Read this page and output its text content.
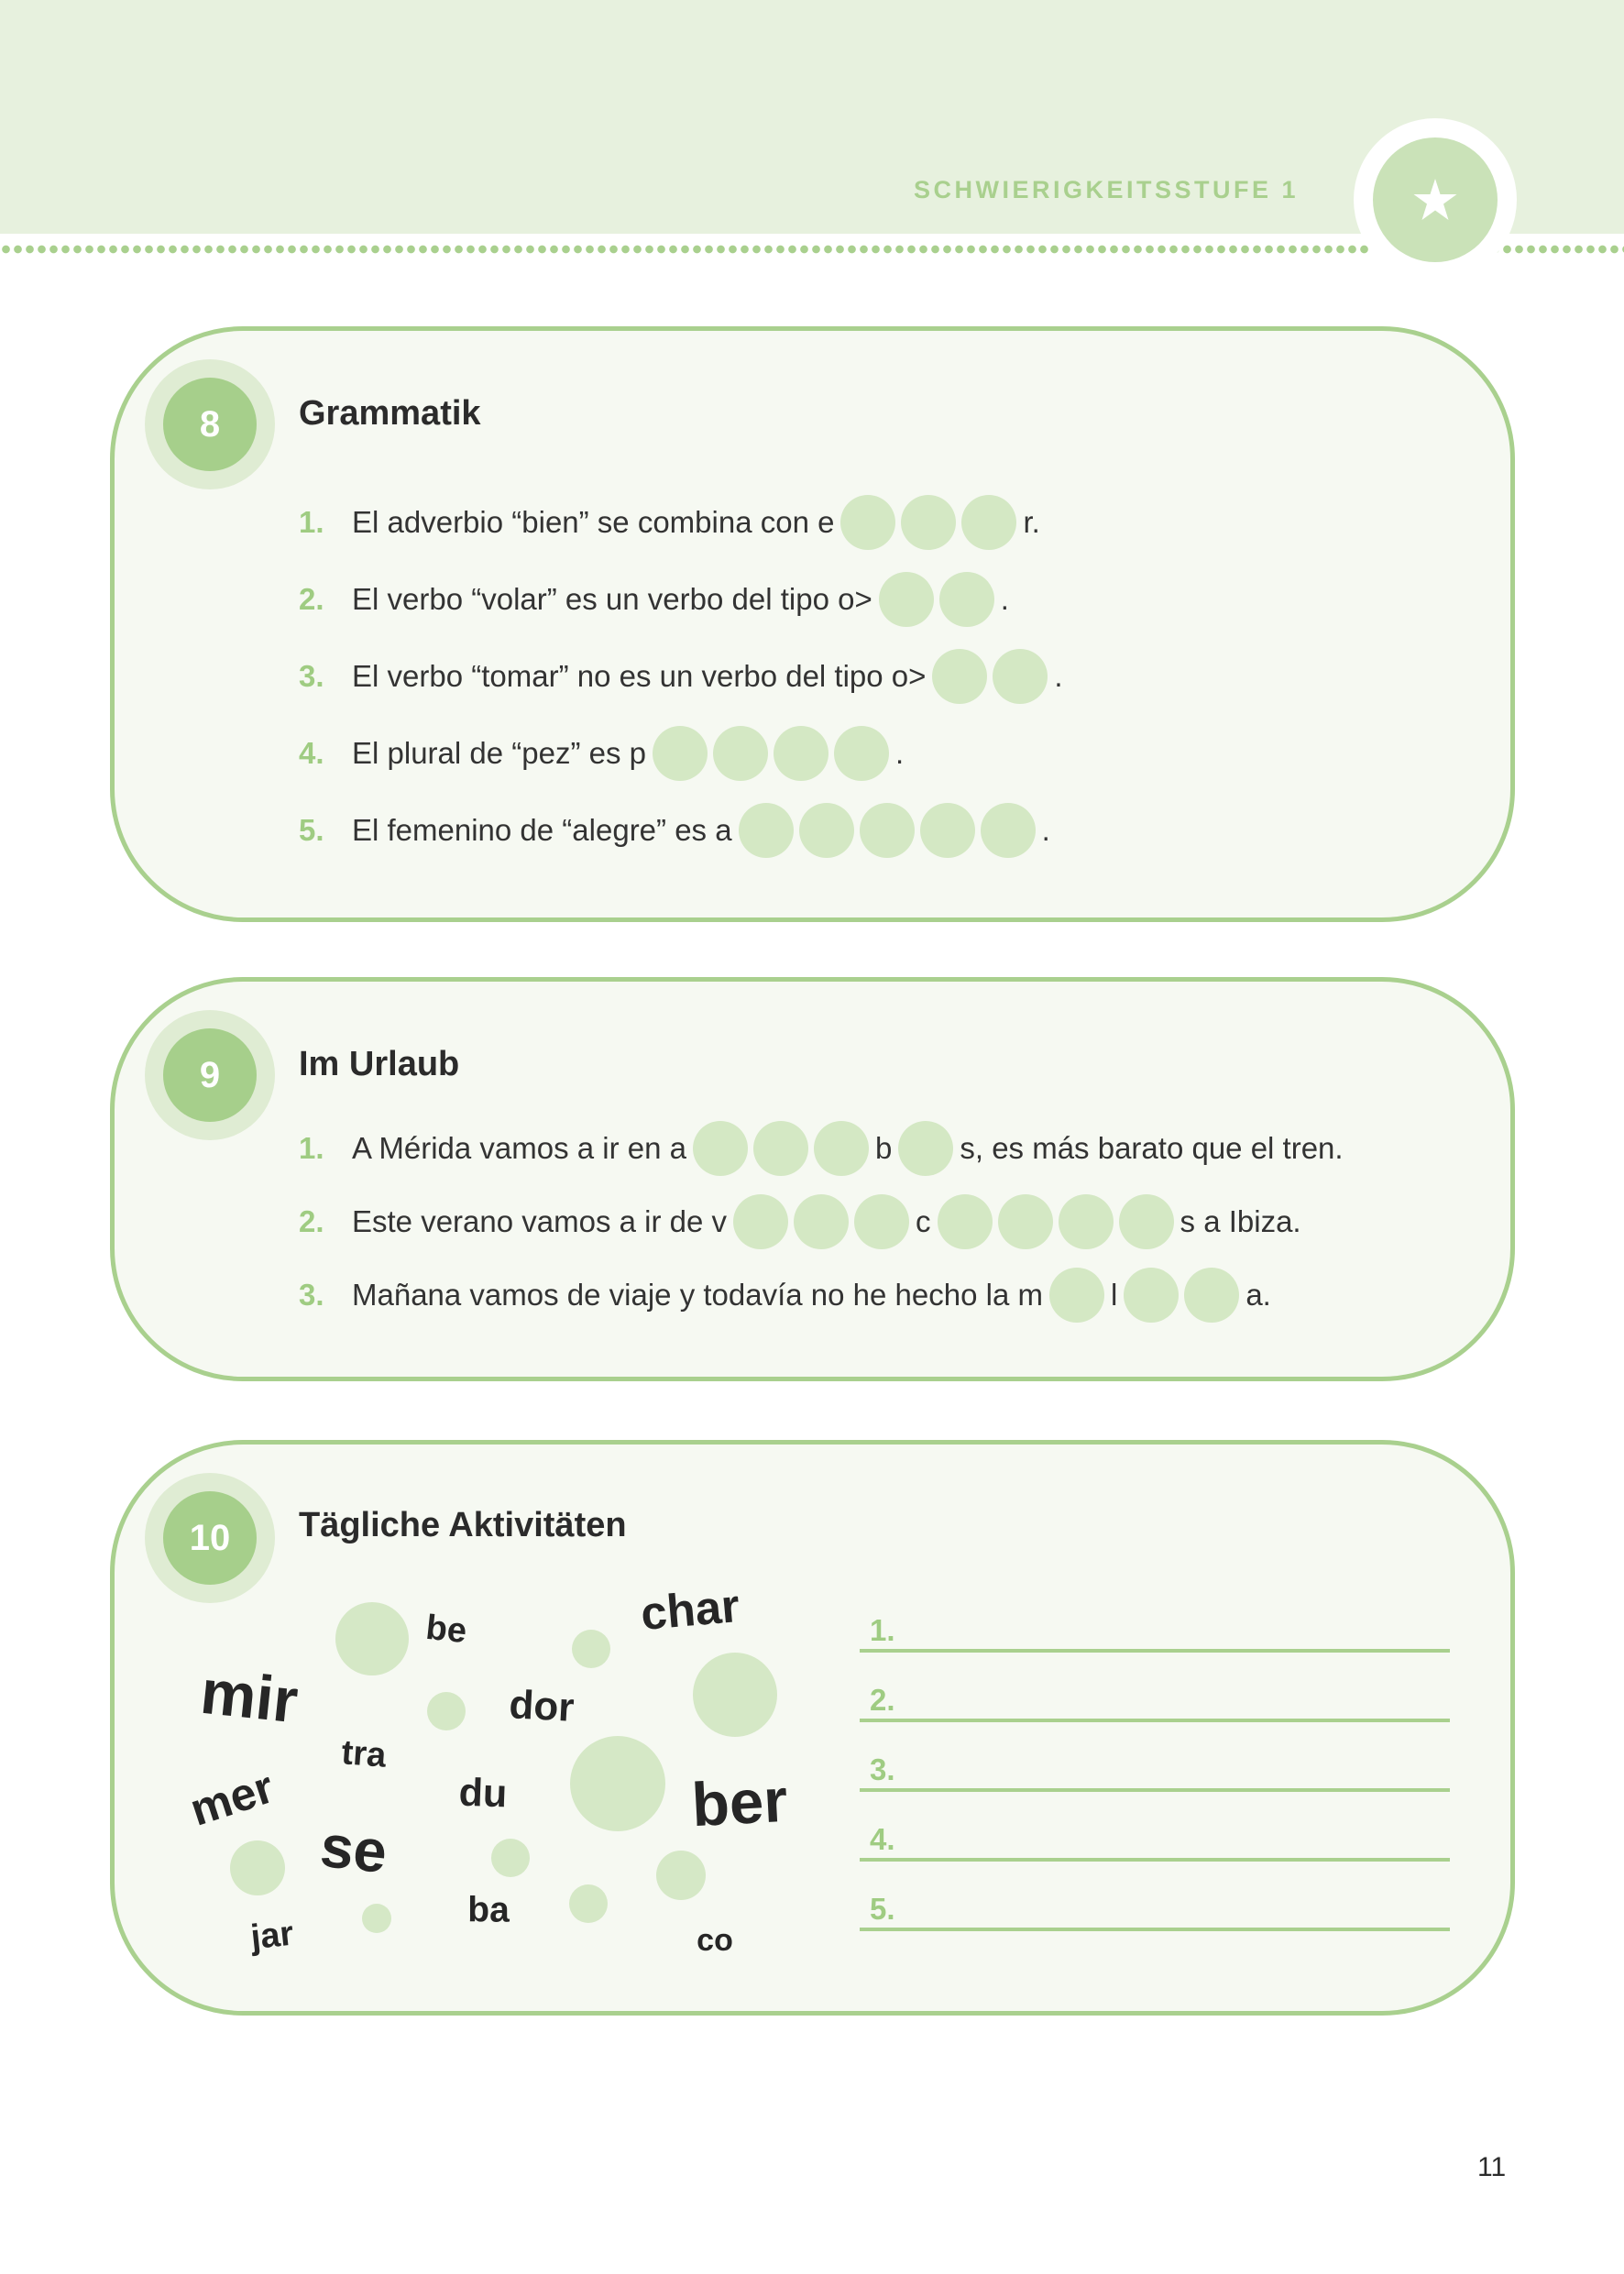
SCHWIERIGKEITSSTUFE 1
8	Grammatik
1. El adverbio “bien” se combina con e	r.
2. El verbo “volar” es un verbo del tipo o>	.
3. El verbo “tomar” no es un verbo del tipo o>	.
4. El plural de “pez” es p	.
5. El femenino de “alegre” es a	.
9	Im Urlaub
1. A Mérida vamos a ir en a	b s, es más barato que el tren.
2. Este verano vamos a ir de v	c	s a Ibiza.
3. Mañana vamos de viaje y todavía no he hecho la m l	a.
10	Tägliche Aktivitäten
be	char
mir	dor
tra
mer	du	ber
se
ba
jar	co
1.
2.
3.
4.
5.
11
